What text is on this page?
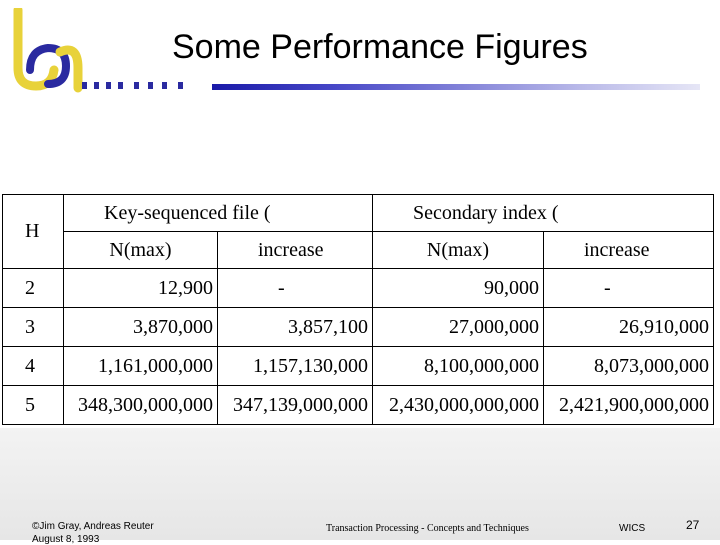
Some Performance Figures
H	Key-sequenced file (		Secondary index (	
	N(max)	increase	N(max)	increase
2	12,900	-	90,000	-
3	3,870,000	3,857,100	27,000,000	26,910,000
4	1,161,000,000	1,157,130,000	8,100,000,000	8,073,000,000
5	348,300,000,000	347,139,000,000	2,430,000,000,000	2,421,900,000,000
©Jim Gray, Andreas Reuter
August 8, 1993
Transaction Processing - Concepts and Techniques	WICS	27
